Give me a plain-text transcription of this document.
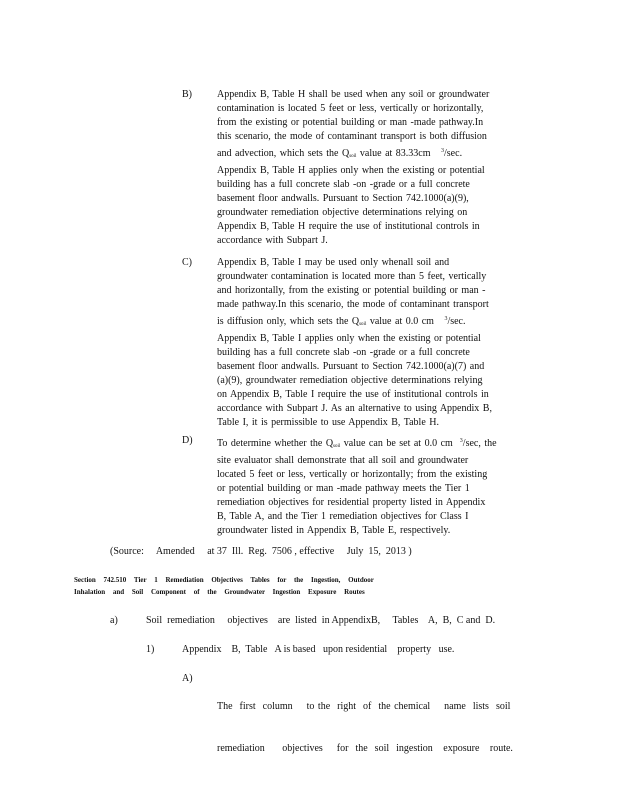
B)	Appendix B, Table H shall be used when any soil or groundwater
contamination is located 5 feet or less, vertically or horizontally,
from the existing or potential building or man -made pathway.In
this scenario, the mode of contaminant transport is both diffusion
and advection, which sets the $Q_{soil}$ value at 83.33cm $^3$/sec.
Appendix B, Table H applies only when the existing or potential
building has a full concrete slab -on -grade or a full concrete
basement floor andwalls. Pursuant to Section 742.1000(a)(9),
groundwater remediation objective determinations relying on
Appendix B, Table H require the use of institutional controls in
accordance with Subpart J.
C)	Appendix B, Table I may be used only whenall soil and
groundwater contamination is located more than 5 feet, vertically
and horizontally, from the existing or potential building or man -
made pathway.In this scenario, the mode of contaminant transport
is diffusion only, which sets the $Q_{soil}$ value at 0.0 cm $^3$/sec.
Appendix B, Table I applies only when the existing or potential
building has a full concrete slab -on -grade or a full concrete
basement floor andwalls. Pursuant to Section 742.1000(a)(7) and
(a)(9), groundwater remediation objective determinations relying
on Appendix B, Table I require the use of institutional controls in
accordance with Subpart J. As an alternative to using Appendix B,
Table I, it is permissible to use Appendix B, Table H.
D) To determine whether the $Q_{soil}$ value can be set at 0.0 cm $^3$/sec, the
site evaluator shall demonstrate that all soil and groundwater
located 5 feet or less, vertically or horizontally; from the existing
or potential building or man -made pathway meets the Tier 1
remediation objectives for residential property listed in Appendix
B, Table A, and the Tier 1 remediation objectives for Class I
groundwater listed in Appendix B, Table E, respectively.
(Source:     Amended     at 37  Ill.  Reg.  7506 , effective     July  15,  2013 )
Section 742.510 Tier 1 Remediation Objectives Tables for the Ingestion, Outdoor
Inhalation and Soil Component of the Groundwater Ingestion Exposure Routes
a)	Soil  remediation     objectives    are  listed  in AppendixB,     Tables    A,  B,  C and  D.
1)	Appendix    B,  Table   A is based   upon residential    property   use.
A)

The  first  column    to the  right  of  the chemical    name  lists  soil

remediation     objectives    for  the  soil  ingestion   exposure   route.
